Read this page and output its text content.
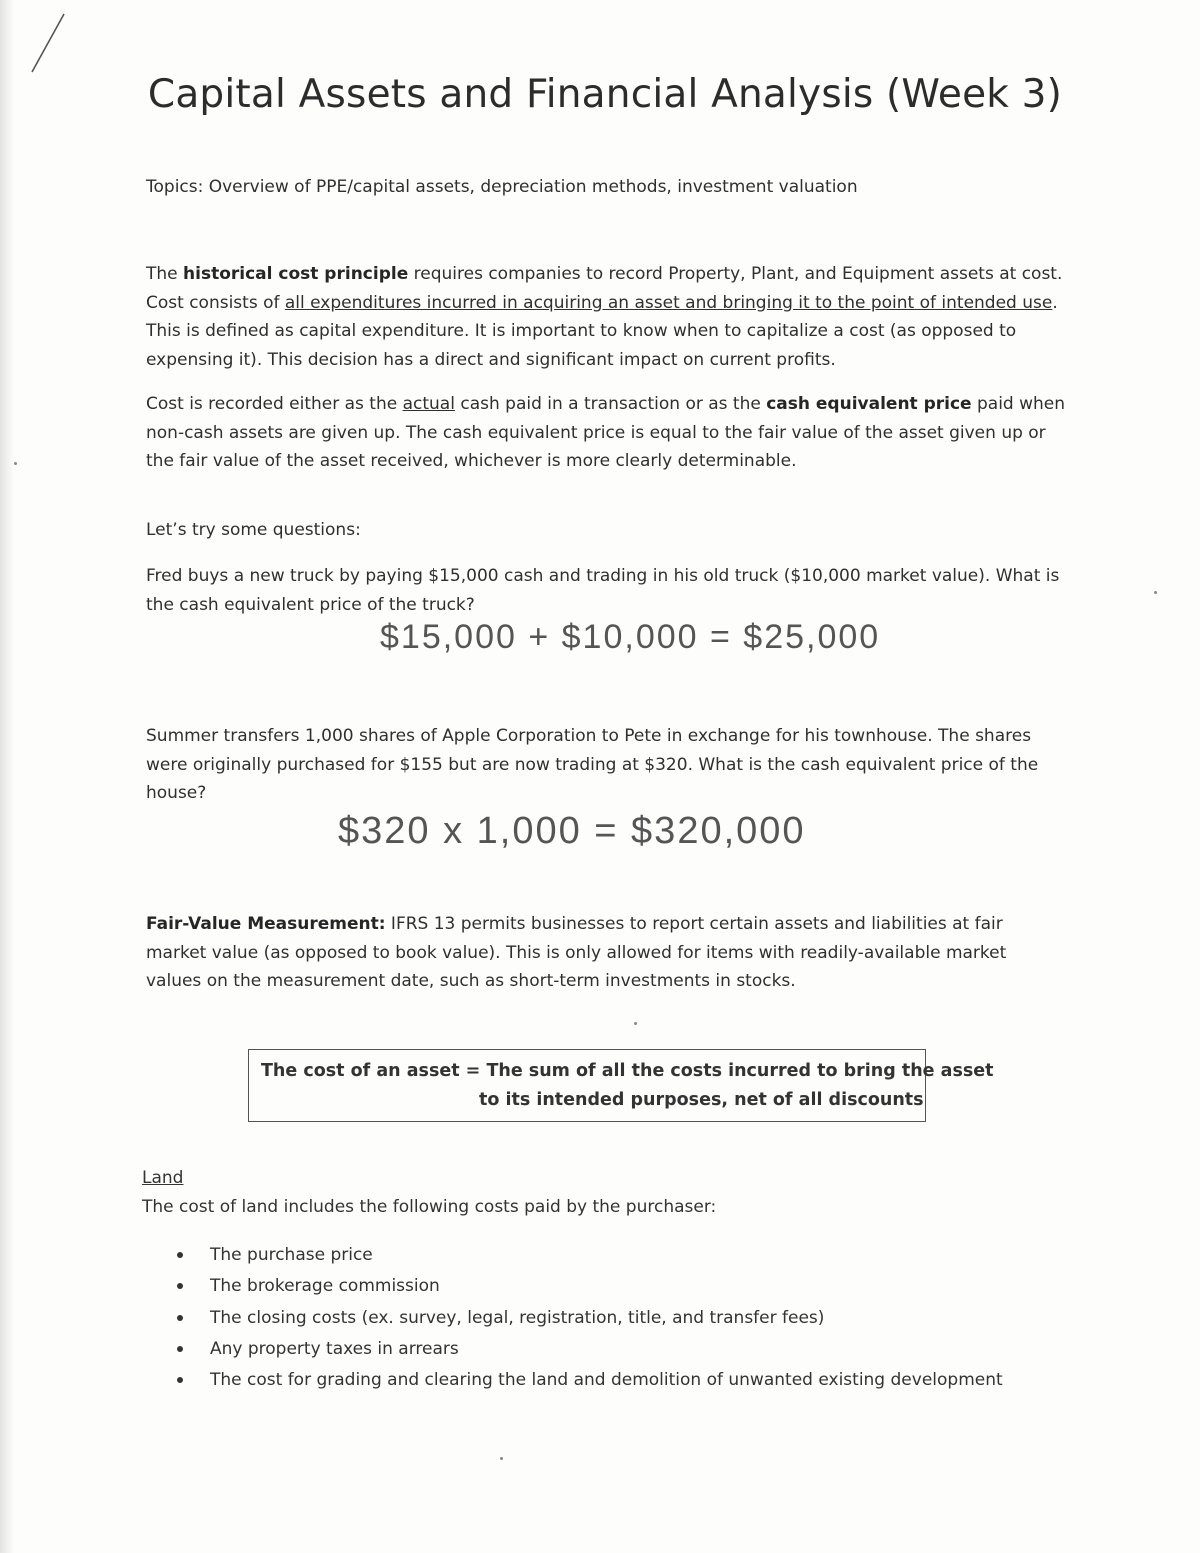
Capital Assets and Financial Analysis (Week 3)

Topics: Overview of PPE/capital assets, depreciation methods, investment valuation

The historical cost principle requires companies to record Property, Plant, and Equipment assets at cost. Cost consists of all expenditures incurred in acquiring an asset and bringing it to the point of intended use. This is defined as capital expenditure. It is important to know when to capitalize a cost (as opposed to expensing it). This decision has a direct and significant impact on current profits.

Cost is recorded either as the actual cash paid in a transaction or as the cash equivalent price paid when non-cash assets are given up. The cash equivalent price is equal to the fair value of the asset given up or the fair value of the asset received, whichever is more clearly determinable.

Let’s try some questions:

Fred buys a new truck by paying $15,000 cash and trading in his old truck ($10,000 market value). What is the cash equivalent price of the truck?

$15,000 + $10,000 = $25,000

Summer transfers 1,000 shares of Apple Corporation to Pete in exchange for his townhouse. The shares were originally purchased for $155 but are now trading at $320. What is the cash equivalent price of the house?

$320 x 1,000 = $320,000

Fair-Value Measurement: IFRS 13 permits businesses to report certain assets and liabilities at fair market value (as opposed to book value). This is only allowed for items with readily-available market values on the measurement date, such as short-term investments in stocks.

The cost of an asset = The sum of all the costs incurred to bring the asset
to its intended purposes, net of all discounts

Land

The cost of land includes the following costs paid by the purchaser:

The purchase price
The brokerage commission
The closing costs (ex. survey, legal, registration, title, and transfer fees)
Any property taxes in arrears
The cost for grading and clearing the land and demolition of unwanted existing development
